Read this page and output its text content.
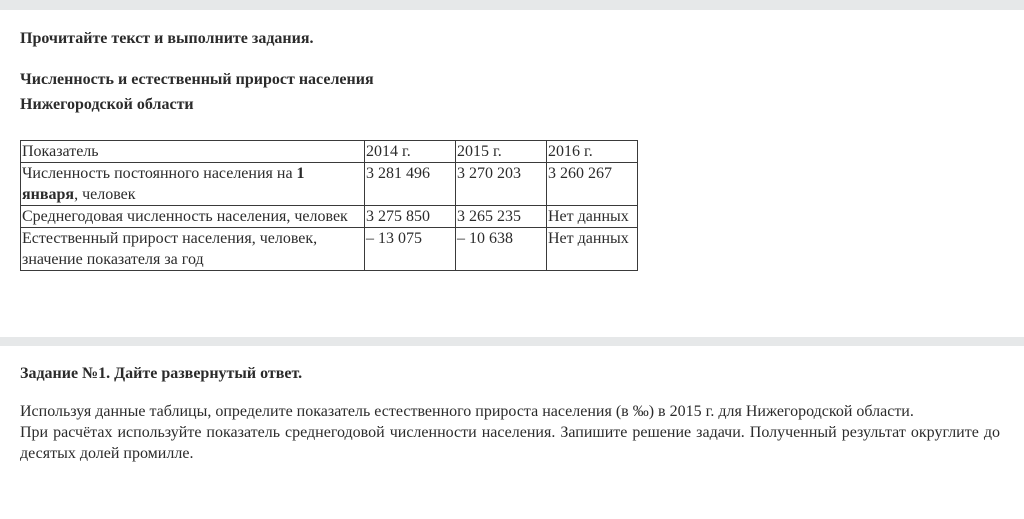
Прочитайте текст и выполните задания.

Численность и естественный прирост населения
Нижегородской области
Показатель	2014 г.	2015 г.	2016 г.
Численность постоянного населения на 1 января, человек	3 281 496	3 270 203	3 260 267
Среднегодовая численность населения, человек	3 275 850	3 265 235	Нет данных
Естественный прирост населения, человек, значение показателя за год	– 13 075	– 10 638	Нет данных

Задание №1. Дайте развернутый ответ.

Используя данные таблицы, определите показатель естественного прироста населения (в ‰) в 2015 г. для Нижегородской области.

При расчётах используйте показатель среднегодовой численности населения. Запишите решение задачи. Полученный результат округлите до десятых долей промилле.
